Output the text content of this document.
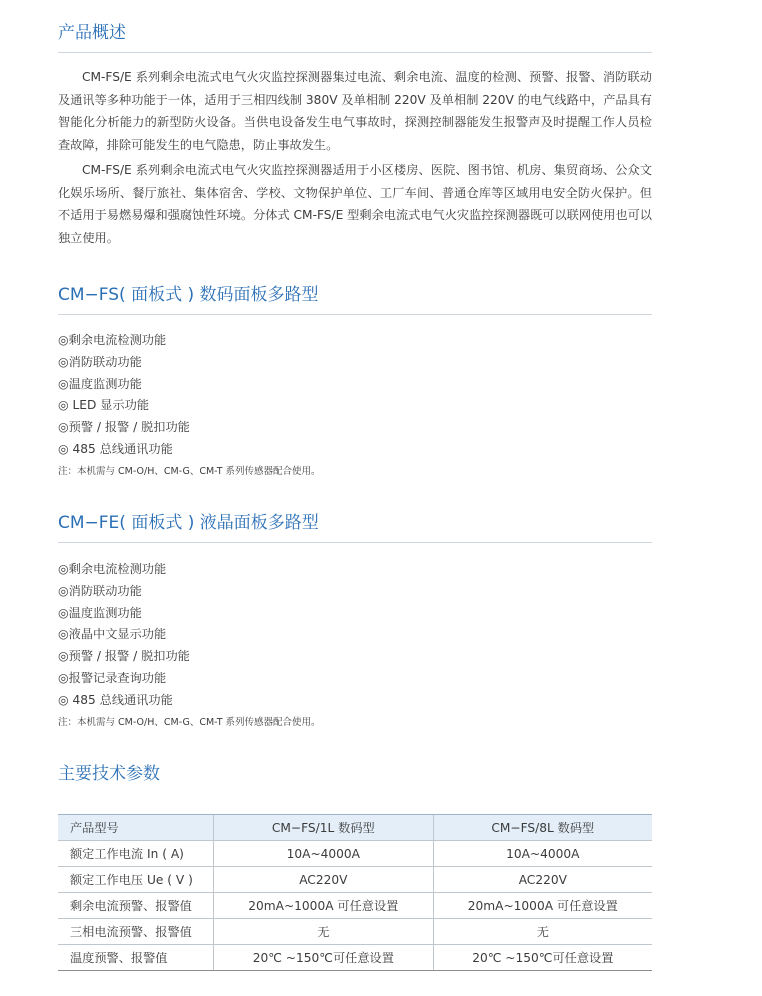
产品概述

CM-FS/E 系列剩余电流式电气火灾监控探测器集过电流、剩余电流、温度的检测、预警、报警、消防联动及通讯等多种功能于一体，适用于三相四线制 380V 及单相制 220V 及单相制 220V 的电气线路中，产品具有智能化分析能力的新型防火设备。当供电设备发生电气事故时，探测控制器能发生报警声及时提醒工作人员检查故障，排除可能发生的电气隐患，防止事故发生。

CM-FS/E 系列剩余电流式电气火灾监控探测器适用于小区楼房、医院、图书馆、机房、集贸商场、公众文化娱乐场所、餐厅旅社、集体宿舍、学校、文物保护单位、工厂车间、普通仓库等区域用电安全防火保护。但不适用于易燃易爆和强腐蚀性环境。分体式 CM-FS/E 型剩余电流式电气火灾监控探测器既可以联网使用也可以独立使用。

CM−FS( 面板式 ) 数码面板多路型
◎剩余电流检测功能
◎消防联动功能
◎温度监测功能
◎ LED 显示功能
◎预警 / 报警 / 脱扣功能
◎ 485 总线通讯功能

注：本机需与 CM-O/H、CM-G、CM-T 系列传感器配合使用。

CM−FE( 面板式 ) 液晶面板多路型
◎剩余电流检测功能
◎消防联动功能
◎温度监测功能
◎液晶中文显示功能
◎预警 / 报警 / 脱扣功能
◎报警记录查询功能
◎ 485 总线通讯功能

注：本机需与 CM-O/H、CM-G、CM-T 系列传感器配合使用。

主要技术参数
产品型号	CM−FS/1L 数码型	CM−FS/8L 数码型
额定工作电流 In ( A)	10A~4000A	10A~4000A
额定工作电压 Ue ( V )	AC220V	AC220V
剩余电流预警、报警值	20mA~1000A 可任意设置	20mA~1000A 可任意设置
三相电流预警、报警值	无	无
温度预警、报警值	20℃ ~150℃可任意设置	20℃ ~150℃可任意设置
